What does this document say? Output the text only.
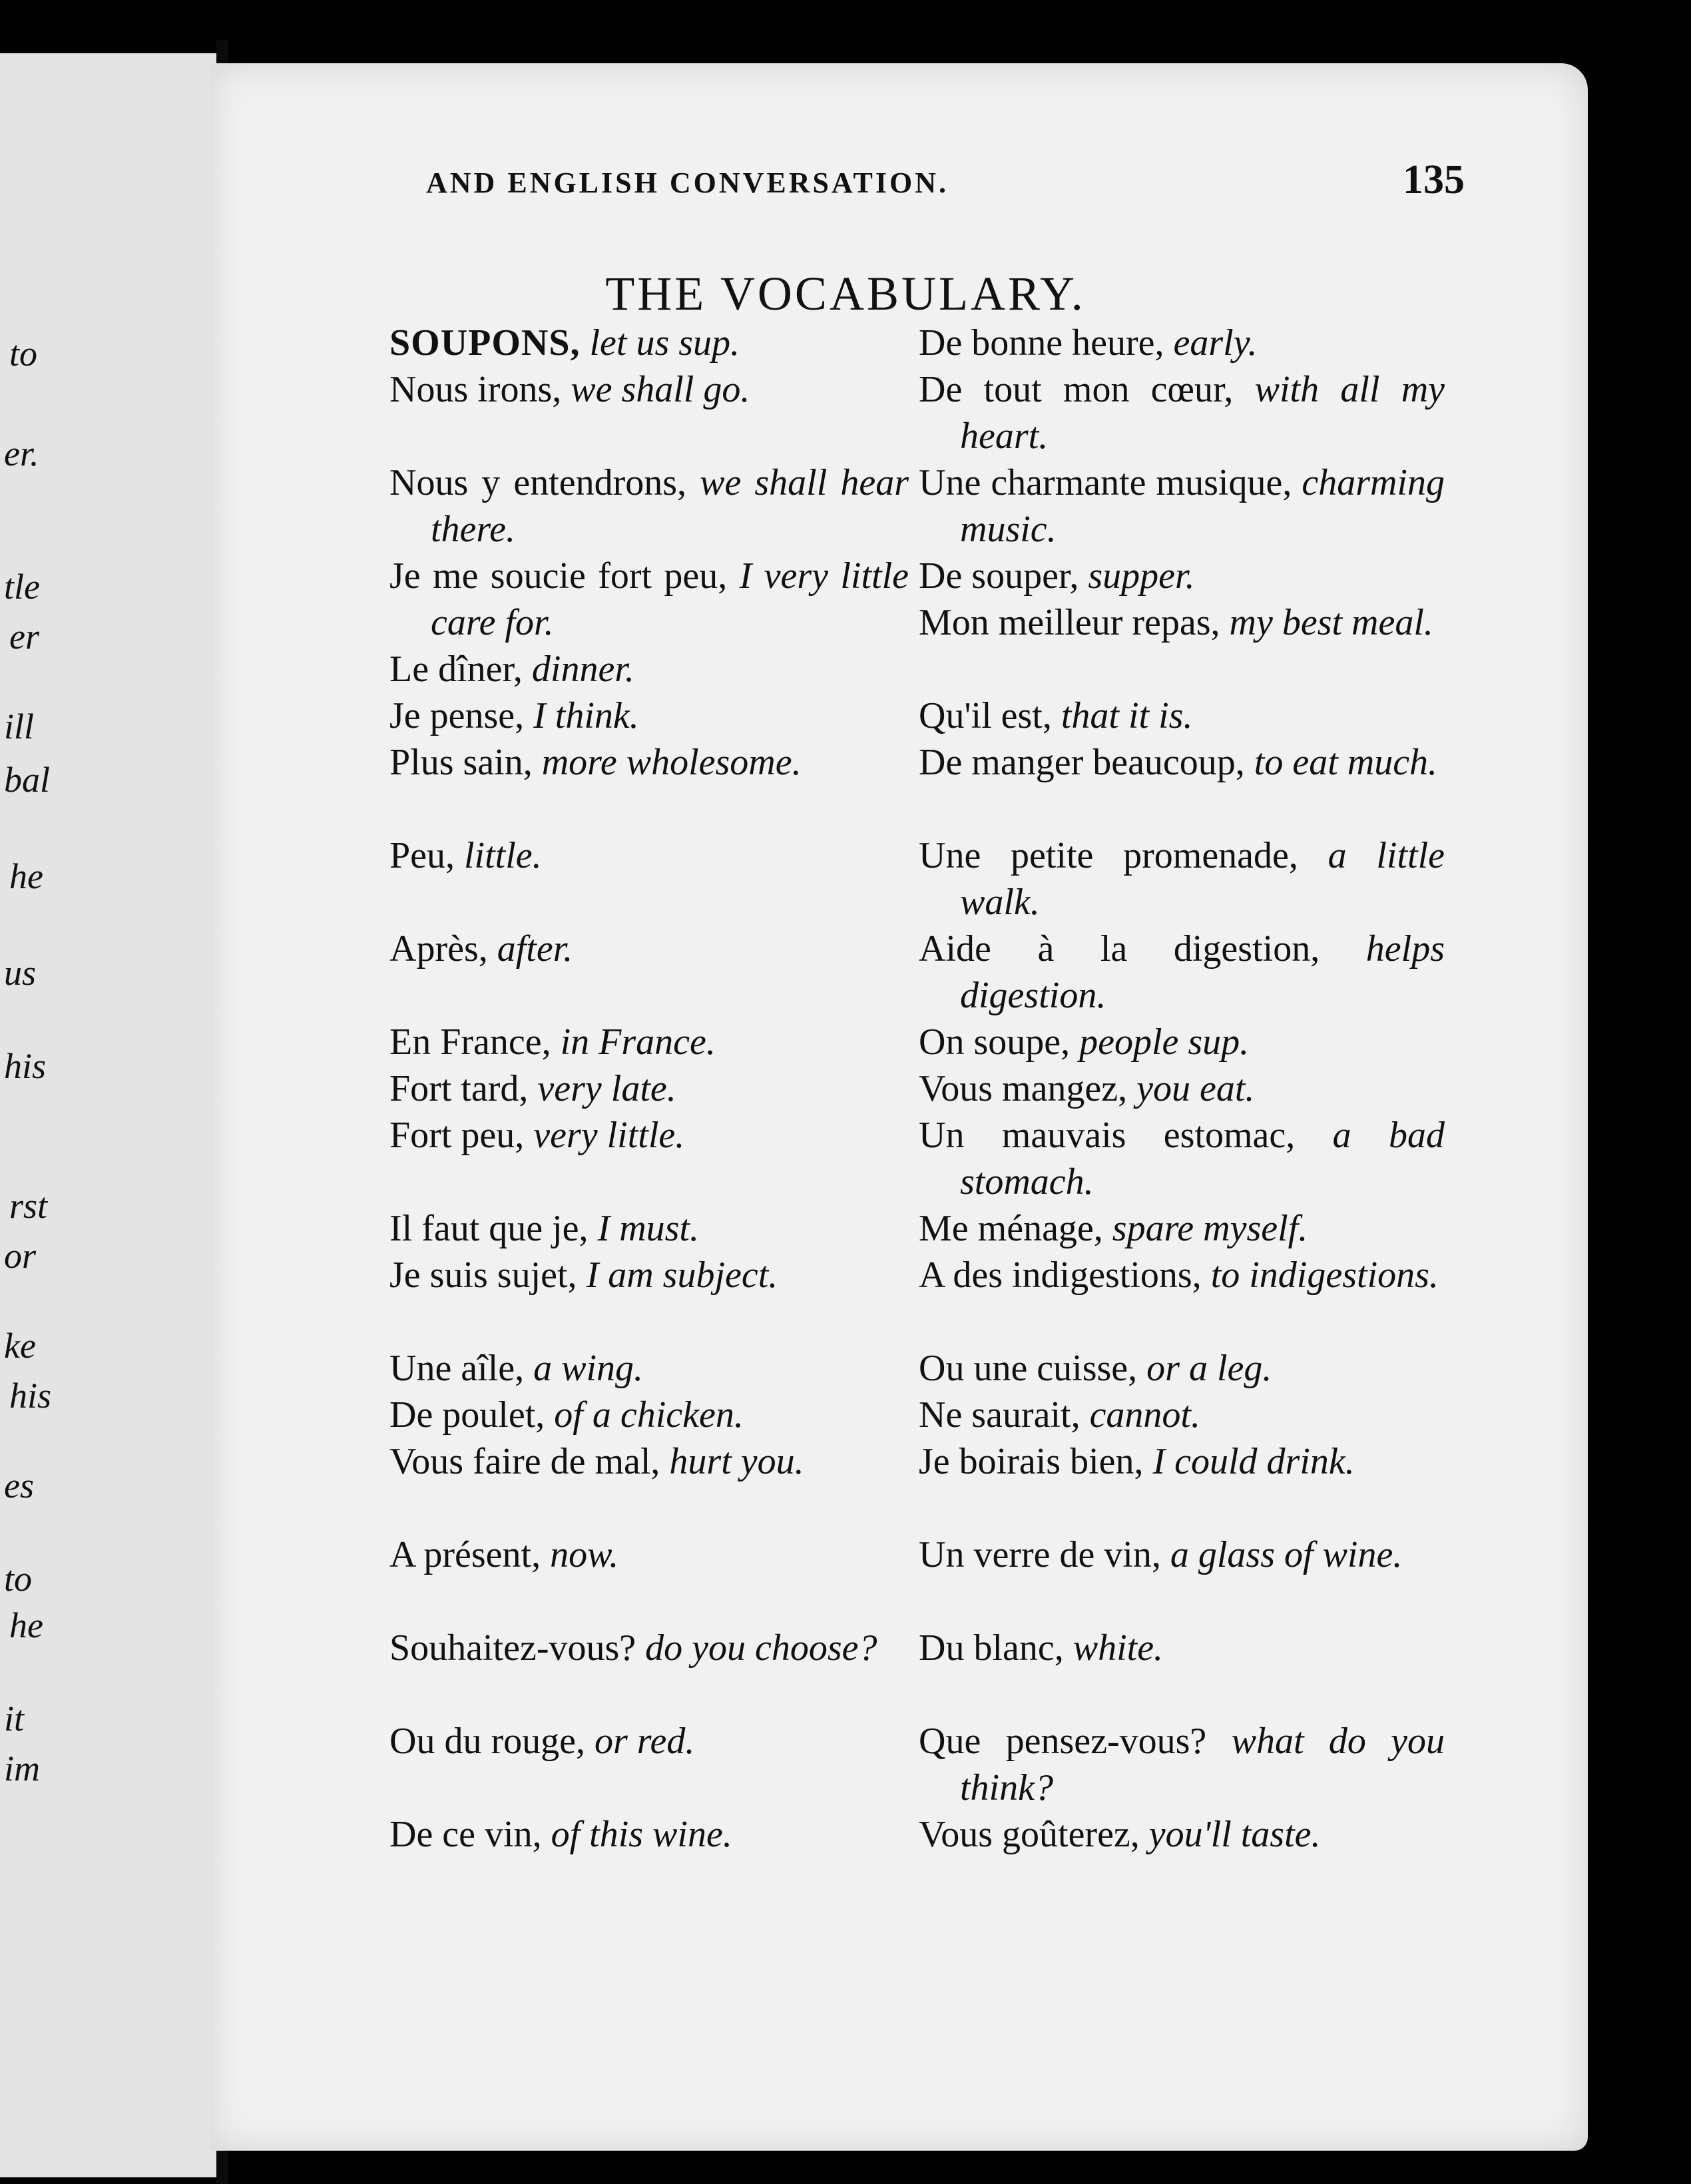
to
er.
tle
er
ill
bal
he
us
his
rst
or
ke
his
es
to
he
it
im
AND ENGLISH CONVERSATION.	135
THE VOCABULARY.
SOUPONS, let us sup.
Nous irons, we shall go.
Nous y entendrons, we shall hear there.
Je me soucie fort peu, I very little care for.
Le dîner, dinner.
Je pense, I think.
Plus sain, more wholesome.
Peu, little.
Après, after.
En France, in France.
Fort tard, very late.
Fort peu, very little.
Il faut que je, I must.
Je suis sujet, I am subject.
Une aîle, a wing.
De poulet, of a chicken.
Vous faire de mal, hurt you.
A présent, now.
Souhaitez-vous? do you choose?
Ou du rouge, or red.
De ce vin, of this wine.
De bonne heure, early.
De tout mon cœur, with all my heart.
Une charmante musique, charming music.
De souper, supper.
Mon meilleur repas, my best meal.
Qu'il est, that it is.
De manger beaucoup, to eat much.
Une petite promenade, a little walk.
Aide à la digestion, helps digestion.
On soupe, people sup.
Vous mangez, you eat.
Un mauvais estomac, a bad stomach.
Me ménage, spare myself.
A des indigestions, to indigestions.
Ou une cuisse, or a leg.
Ne saurait, cannot.
Je boirais bien, I could drink.
Un verre de vin, a glass of wine.
Du blanc, white.
Que pensez-vous? what do you think?
Vous goûterez, you'll taste.
